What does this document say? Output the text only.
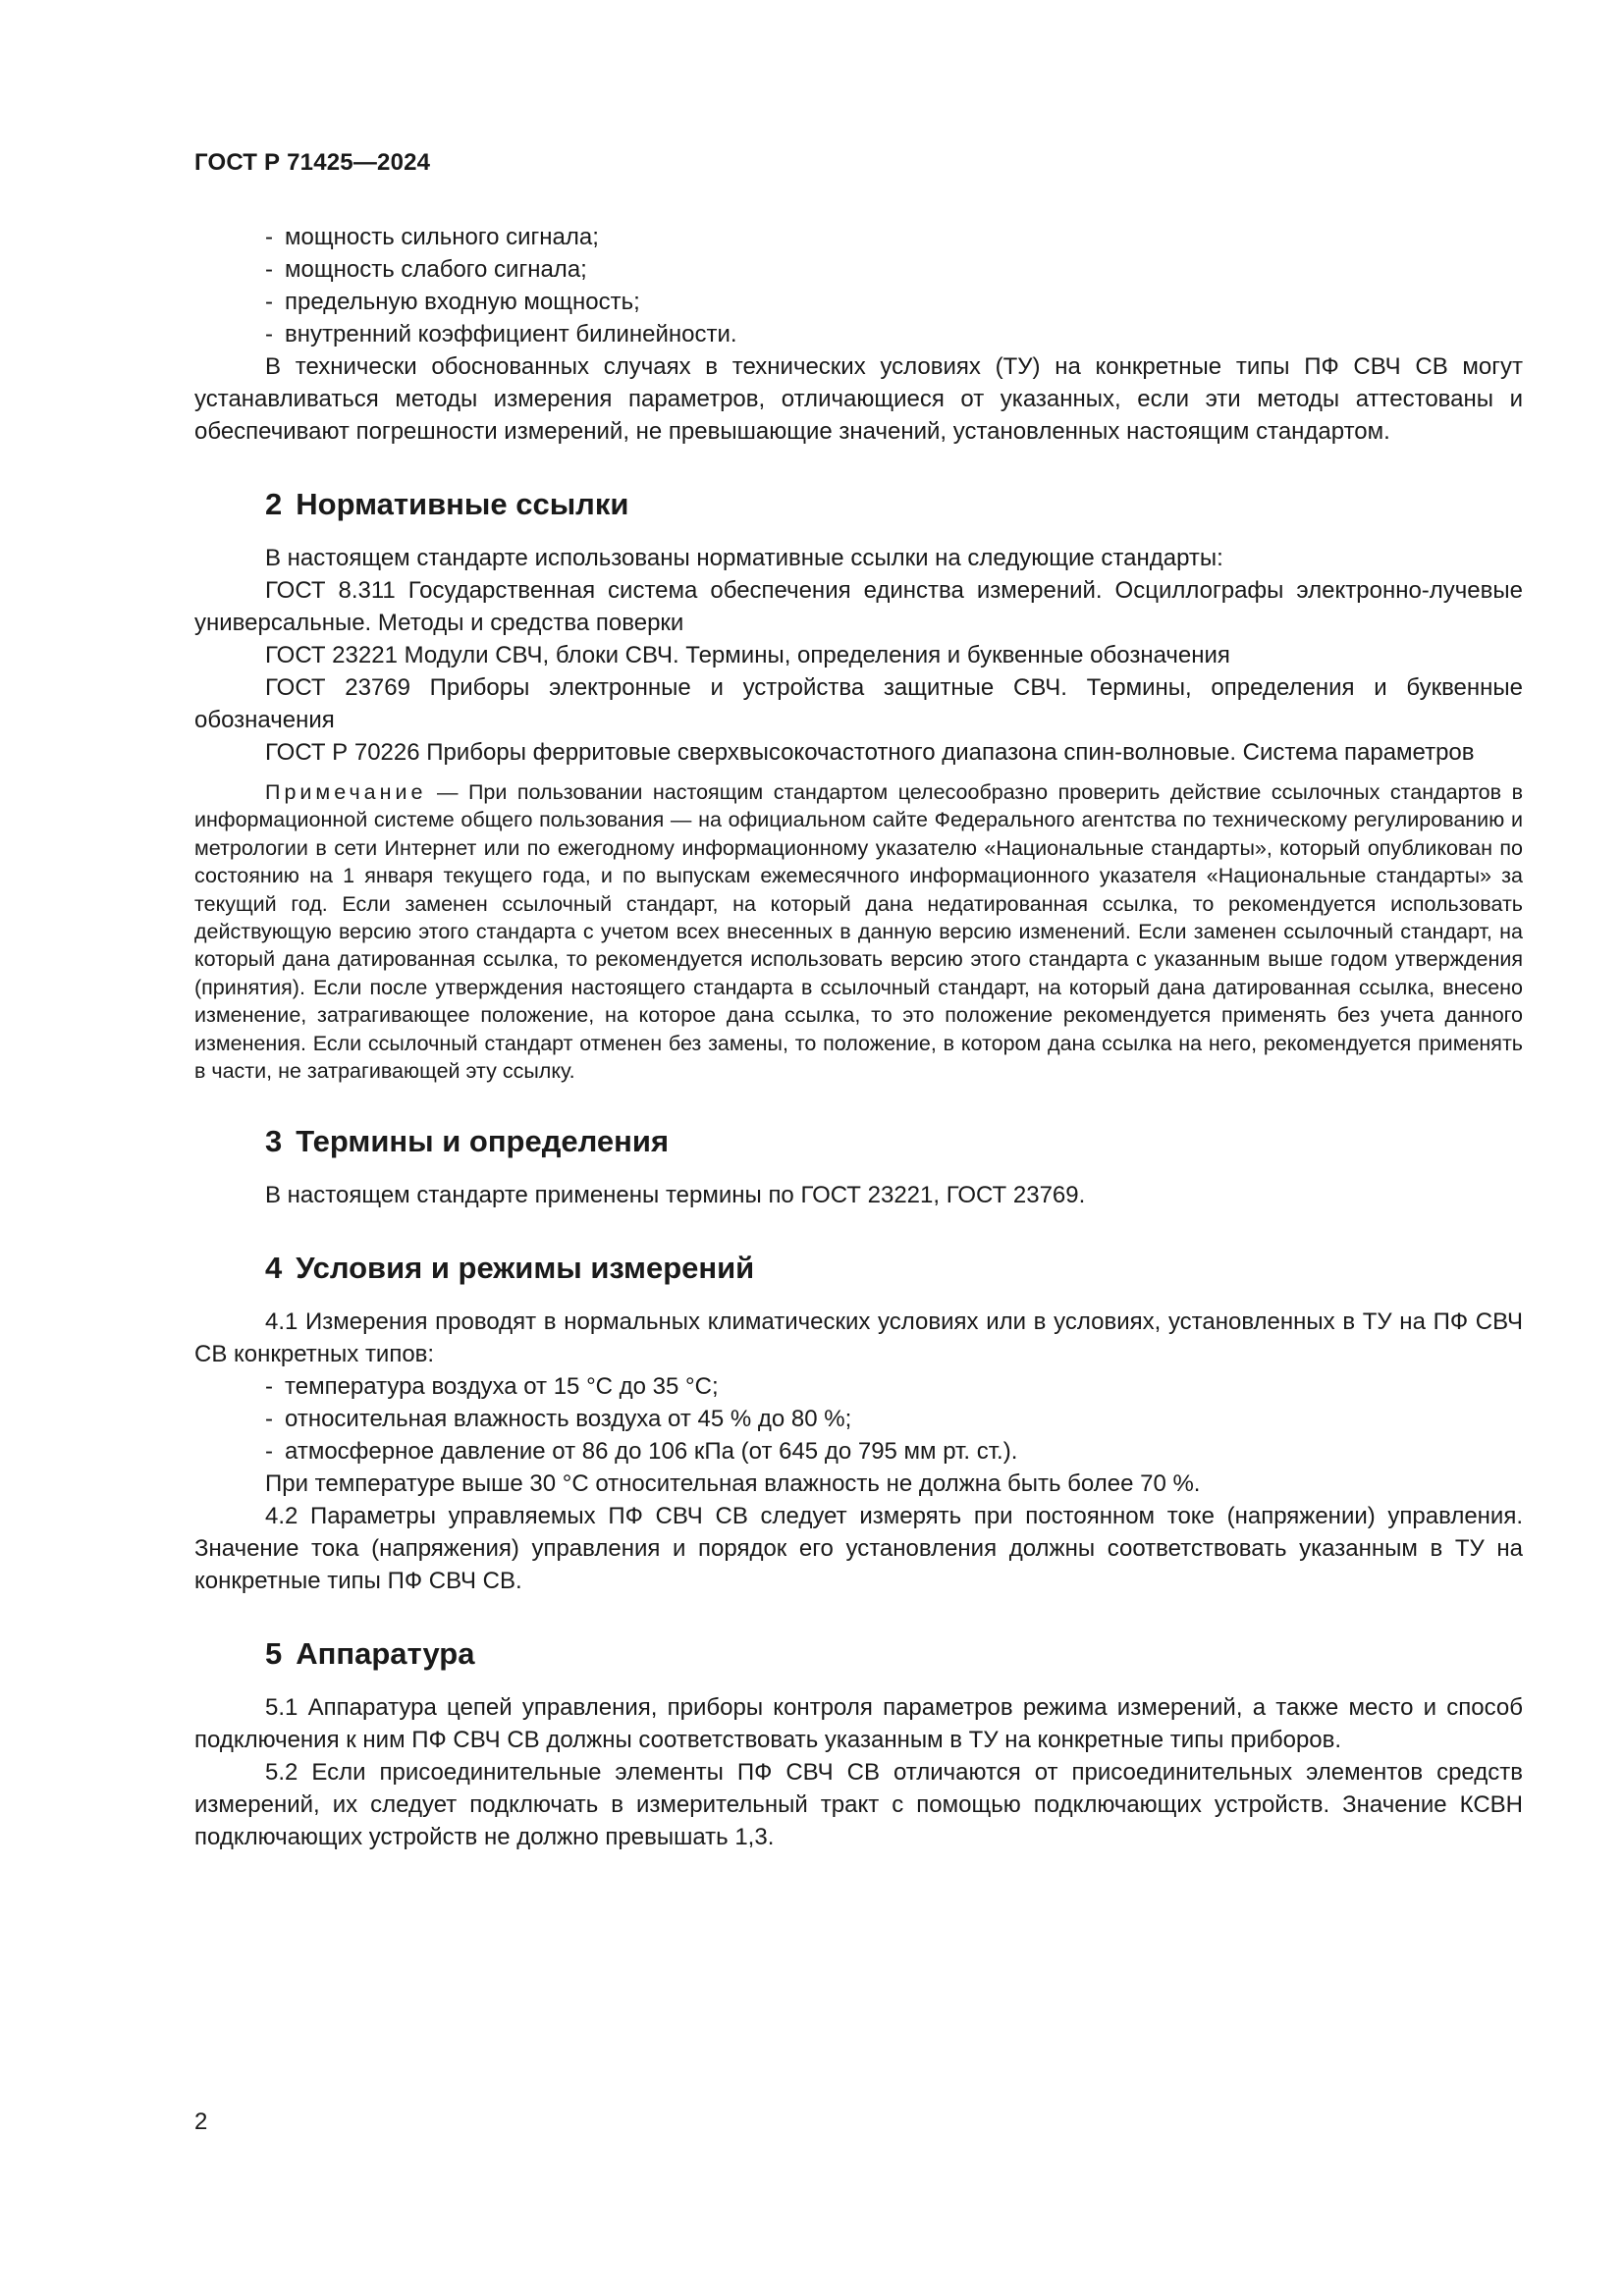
ГОСТ Р 71425—2024

- мощность сильного сигнала;

- мощность слабого сигнала;

- предельную входную мощность;

- внутренний коэффициент билинейности.

В технически обоснованных случаях в технических условиях (ТУ) на конкретные типы ПФ СВЧ СВ могут устанавливаться методы измерения параметров, отличающиеся от указанных, если эти методы аттестованы и обеспечивают погрешности измерений, не превышающие значений, установленных настоящим стандартом.

2 Нормативные ссылки

В настоящем стандарте использованы нормативные ссылки на следующие стандарты:

ГОСТ 8.311 Государственная система обеспечения единства измерений. Осциллографы электронно-лучевые универсальные. Методы и средства поверки

ГОСТ 23221 Модули СВЧ, блоки СВЧ. Термины, определения и буквенные обозначения

ГОСТ 23769 Приборы электронные и устройства защитные СВЧ. Термины, определения и буквенные обозначения

ГОСТ Р 70226 Приборы ферритовые сверхвысокочастотного диапазона спин-волновые. Система параметров

Примечание — При пользовании настоящим стандартом целесообразно проверить действие ссылочных стандартов в информационной системе общего пользования — на официальном сайте Федерального агентства по техническому регулированию и метрологии в сети Интернет или по ежегодному информационному указателю «Национальные стандарты», который опубликован по состоянию на 1 января текущего года, и по выпускам ежемесячного информационного указателя «Национальные стандарты» за текущий год. Если заменен ссылочный стандарт, на который дана недатированная ссылка, то рекомендуется использовать действующую версию этого стандарта с учетом всех внесенных в данную версию изменений. Если заменен ссылочный стандарт, на который дана датированная ссылка, то рекомендуется использовать версию этого стандарта с указанным выше годом утверждения (принятия). Если после утверждения настоящего стандарта в ссылочный стандарт, на который дана датированная ссылка, внесено изменение, затрагивающее положение, на которое дана ссылка, то это положение рекомендуется применять без учета данного изменения. Если ссылочный стандарт отменен без замены, то положение, в котором дана ссылка на него, рекомендуется применять в части, не затрагивающей эту ссылку.

3 Термины и определения

В настоящем стандарте применены термины по ГОСТ 23221, ГОСТ 23769.

4 Условия и режимы измерений

4.1 Измерения проводят в нормальных климатических условиях или в условиях, установленных в ТУ на ПФ СВЧ СВ конкретных типов:

- температура воздуха от 15 °С до 35 °С;

- относительная влажность воздуха от 45 % до 80 %;

- атмосферное давление от 86 до 106 кПа (от 645 до 795 мм рт. ст.).

При температуре выше 30 °С относительная влажность не должна быть более 70 %.

4.2 Параметры управляемых ПФ СВЧ СВ следует измерять при постоянном токе (напряжении) управления. Значение тока (напряжения) управления и порядок его установления должны соответствовать указанным в ТУ на конкретные типы ПФ СВЧ СВ.

5 Аппаратура

5.1 Аппаратура цепей управления, приборы контроля параметров режима измерений, а также место и способ подключения к ним ПФ СВЧ СВ должны соответствовать указанным в ТУ на конкретные типы приборов.

5.2 Если присоединительные элементы ПФ СВЧ СВ отличаются от присоединительных элементов средств измерений, их следует подключать в измерительный тракт с помощью подключающих устройств. Значение КСВН подключающих устройств не должно превышать 1,3.

2
